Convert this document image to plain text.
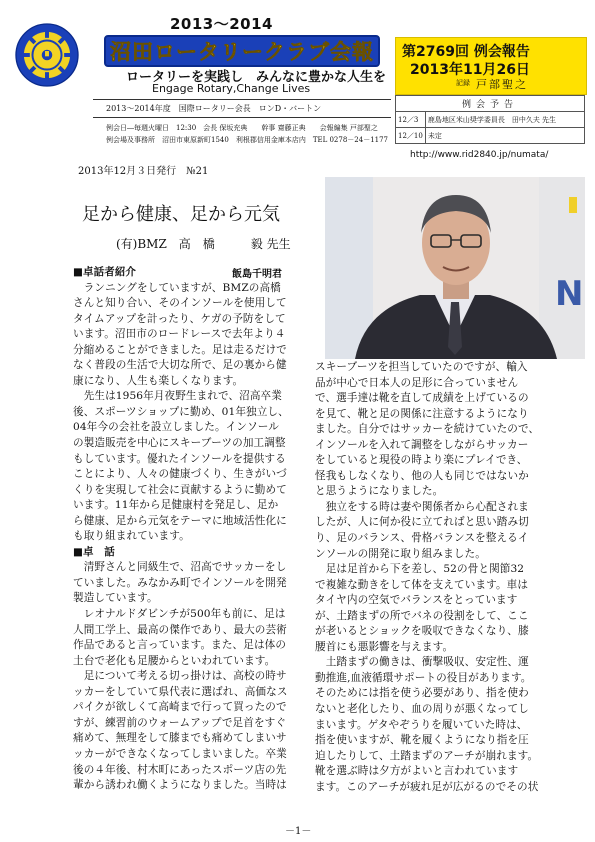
2013～2014
沼田ロータリークラブ会報
ロータリーを実践し　みんなに豊かな人生を
Engage Rotary,Change Lives
2013～2014年度　国際ロータリー会長　ロンD・バートン
例会日―毎週火曜日　12:30　会長 保坂充典　　幹事 齋藤正典　　会報編集 戸部聖之
例会場及事務所　沼田市東原新町1540　利根郡信用金庫本店内　TEL 0278－24－1177
第2769回 例会報告
2013年11月26日
記録 戸部聖之
例会予告	
12／3	鹿島地区米山奨学委員長　田中久夫 先生
12／10	未定
http://www.rid2840.jp/numata/
2013年12月３日発行　№21
N
足から健康、足から元気
(有)BMZ　高　橋　　　毅 先生
飯島千明君
■卓話者紹介
　ランニングをしていますが、BMZの高橋
さんと知り合い、そのインソールを使用して
タイムアップを計ったり、ケガの予防をして
います。沼田市のロードレースで去年より４
分縮めることができました。足は走るだけで
なく普段の生活で大切な所で、足の裏から健
康になり、人生も楽しくなります。
　先生は1956年月夜野生まれで、沼高卒業
後、スポーツショップに勤め、01年独立し、
04年今の会社を設立しました。インソール
の製造販売を中心にスキーブーツの加工調整
もしています。優れたインソールを提供する
ことにより、人々の健康づくり、生きがいづ
くりを実現して社会に貢献するように勤めて
います。11年から足健康村を発足し、足か
ら健康、足から元気をテーマに地域活性化に
も取り組まれています。
■卓　話
　清野さんと同級生で、沼高でサッカーをし
ていました。みなかみ町でインソールを開発
製造しています。
　レオナルドダビンチが500年も前に、足は
人間工学上、最高の傑作であり、最大の芸術
作品であると言っています。また、足は体の
土台で老化も足腰からといわれています。
　足について考える切っ掛けは、高校の時サ
ッカーをしていて県代表に選ばれ、高価なス
パイクが欲しくて高崎まで行って買ったので
すが、練習前のウォームアップで足首をすぐ
痛めて、無理をして膝までも痛めてしまいサ
ッカーができなくなってしまいました。卒業
後の４年後、村木町にあったスポーツ店の先
輩から誘われ働くようになりました。当時は
スキーブーツを担当していたのですが、輸入
品が中心で日本人の足形に合っていません
で、選手達は靴を直して成績を上げているの
を見て、靴と足の関係に注意するようになり
ました。自分ではサッカーを続けていたので、
インソールを入れて調整をしながらサッカー
をしていると現役の時より楽にプレイでき、
怪我もしなくなり、他の人も同じではないか
と思うようになりました。
　独立をする時は妻や関係者から心配されま
したが、人に何か役に立てればと思い踏み切
り、足のバランス、骨格バランスを整えるイ
ンソールの開発に取り組みました。
　足は足首から下を差し、52の骨と関節32
で複雑な動きをして体を支えています。車は
タイヤ内の空気でバランスをとっています
が、土踏まずの所でバネの役割をして、ここ
が老いるとショックを吸収できなくなり、膝
腰首にも悪影響を与えます。
　土踏まずの働きは、衝撃吸収、安定性、運
動推進,血液循環サポートの役目があります。
そのためには指を使う必要があり、指を使わ
ないと老化したり、血の周りが悪くなってし
まいます。ゲタやぞうりを履いていた時は、
指を使いますが、靴を履くようになり指を圧
迫したりして、土踏まずのアーチが崩れます。
靴を選ぶ時は夕方がよいと言われています
ます。このアーチが疲れ足が広がるのでその状
－1－
